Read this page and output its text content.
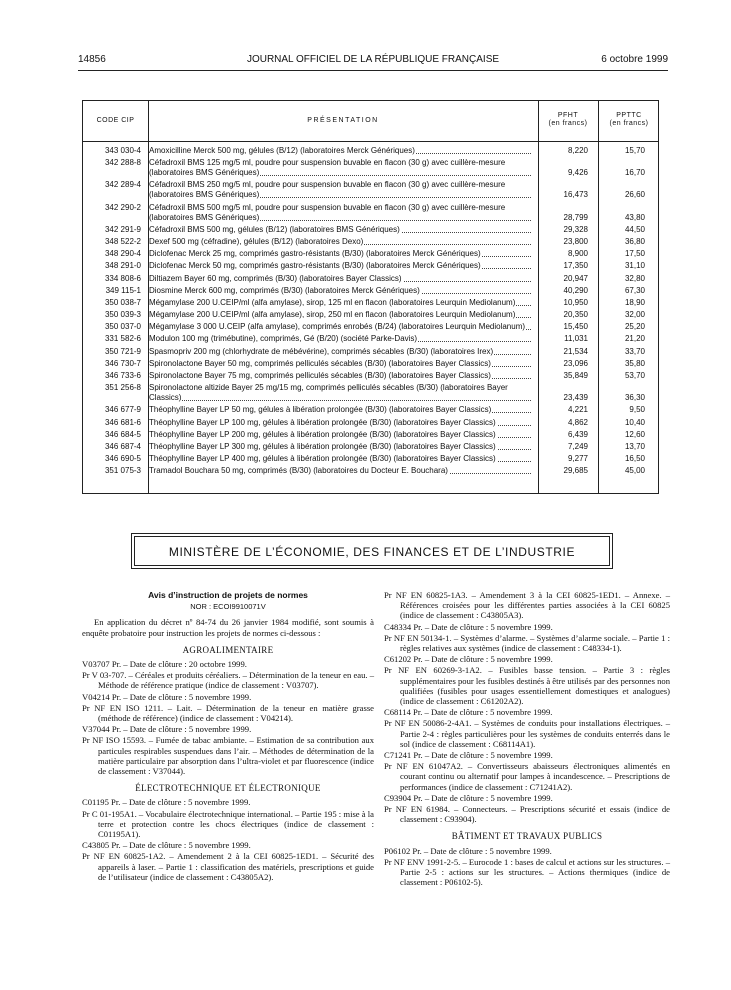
14856	JOURNAL OFFICIEL DE LA RÉPUBLIQUE FRANÇAISE	6 octobre 1999
CODE CIP	PRÉSENTATION
PFHT
(en francs)
PPTTC
(en francs)
343 030-4 Amoxicilline Merck 500 mg, gélules (B/12) (laboratoires Merck Génériques)	8,220	15,70
342 288-8 Céfadroxil BMS 125 mg/5 ml, poudre pour suspension buvable en flacon (30 g) avec cuillère-mesure (laboratoires BMS Génériques)	9,426	16,70
342 289-4 Céfadroxil BMS 250 mg/5 ml, poudre pour suspension buvable en flacon (30 g) avec cuillère-mesure (laboratoires BMS Génériques)	16,473	26,60
342 290-2 Céfadroxil BMS 500 mg/5 ml, poudre pour suspension buvable en flacon (30 g) avec cuillère-mesure (laboratoires BMS Génériques)	28,799	43,80
342 291-9 Céfadroxil BMS 500 mg, gélules (B/12) (laboratoires BMS Génériques)	29,328	44,50
348 522-2 Dexef 500 mg (céfradine), gélules (B/12) (laboratoires Dexo)	23,800	36,80
348 290-4 Diclofenac Merck 25 mg, comprimés gastro-résistants (B/30) (laboratoires Merck Génériques)	8,900	17,50
348 291-0 Diclofenac Merck 50 mg, comprimés gastro-résistants (B/30) (laboratoires Merck Génériques)	17,350	31,10
334 808-6 Diltiazem Bayer 60 mg, comprimés (B/30) (laboratoires Bayer Classics)	20,947	32,80
349 115-1 Diosmine Merck 600 mg, comprimés (B/30) (laboratoires Merck Génériques)	40,290	67,30
350 038-7 Mégamylase 200 U.CEIP/ml (alfa amylase), sirop, 125 ml en flacon (laboratoires Leurquin Mediolanum)	10,950	18,90
350 039-3 Mégamylase 200 U.CEIP/ml (alfa amylase), sirop, 250 ml en flacon (laboratoires Leurquin Mediolanum)	20,350	32,00
350 037-0 Mégamylase 3 000 U.CEIP (alfa amylase), comprimés enrobés (B/24) (laboratoires Leurquin Mediolanum)	15,450	25,20
331 582-6 Modulon 100 mg (trimébutine), comprimés, Gé (B/20) (société Parke-Davis)	11,031	21,20
350 721-9 Spasmopriv 200 mg (chlorhydrate de mébévérine), comprimés sécables (B/30) (laboratoires Irex)	21,534	33,70
346 730-7 Spironolactone Bayer 50 mg, comprimés pelliculés sécables (B/30) (laboratoires Bayer Classics)	23,096	35,80
346 733-6 Spironolactone Bayer 75 mg, comprimés pelliculés sécables (B/30) (laboratoires Bayer Classics)	35,849	53,70
351 256-8 Spironolactone altizide Bayer 25 mg/15 mg, comprimés pelliculés sécables (B/30) (laboratoires Bayer Classics)	23,439	36,30
346 677-9 Théophylline Bayer LP 50 mg, gélules à libération prolongée (B/30) (laboratoires Bayer Classics)	4,221	9,50
346 681-6 Théophylline Bayer LP 100 mg, gélules à libération prolongée (B/30) (laboratoires Bayer Classics)	4,862	10,40
346 684-5 Théophylline Bayer LP 200 mg, gélules à libération prolongée (B/30) (laboratoires Bayer Classics)	6,439	12,60
346 687-4 Théophylline Bayer LP 300 mg, gélules à libération prolongée (B/30) (laboratoires Bayer Classics)	7,249	13,70
346 690-5 Théophylline Bayer LP 400 mg, gélules à libération prolongée (B/30) (laboratoires Bayer Classics)	9,277	16,50
351 075-3 Tramadol Bouchara 50 mg, comprimés (B/30) (laboratoires du Docteur E. Bouchara)	29,685	45,00
MINISTÈRE DE L’ÉCONOMIE, DES FINANCES ET DE L’INDUSTRIE
Avis d’instruction de projets de normes
NOR : ECOI9910071V
En application du décret nº 84-74 du 26 janvier 1984 modifié, sont soumis à enquête probatoire pour instruction les projets de normes ci-dessous :
AGROALIMENTAIRE
V03707 Pr. – Date de clôture : 20 octobre 1999.
Pr V 03-707. – Céréales et produits céréaliers. – Détermination de la teneur en eau. – Méthode de référence pratique (indice de classement : V03707).
V04214 Pr. – Date de clôture : 5 novembre 1999.
Pr NF EN ISO 1211. – Lait. – Détermination de la teneur en matière grasse (méthode de référence) (indice de classement : V04214).
V37044 Pr. – Date de clôture : 5 novembre 1999.
Pr NF ISO 15593. – Fumée de tabac ambiante. – Estimation de sa contribution aux particules respirables suspendues dans l’air. – Méthodes de détermination de la matière particulaire par absorption dans l’ultra-violet et par fluorescence (indice de classement : V37044).
ÉLECTROTECHNIQUE ET ÉLECTRONIQUE
C01195 Pr. – Date de clôture : 5 novembre 1999.
Pr C 01-195A1. – Vocabulaire électrotechnique international. – Partie 195 : mise à la terre et protection contre les chocs électriques (indice de classement : C01195A1).
C43805 Pr. – Date de clôture : 5 novembre 1999.
Pr NF EN 60825-1A2. – Amendement 2 à la CEI 60825-1ED1. – Sécurité des appareils à laser. – Partie 1 : classification des matériels, prescriptions et guide de l’utilisateur (indice de classement : C43805A2).
Pr NF EN 60825-1A3. – Amendement 3 à la CEI 60825-1ED1. – Annexe. – Références croisées pour les différentes parties associées à la CEI 60825 (indice de classement : C43805A3).
C48334 Pr. – Date de clôture : 5 novembre 1999.
Pr NF EN 50134-1. – Systèmes d’alarme. – Systèmes d’alarme sociale. – Partie 1 : règles relatives aux systèmes (indice de classement : C48334-1).
C61202 Pr. – Date de clôture : 5 novembre 1999.
Pr NF EN 60269-3-1A2. – Fusibles basse tension. – Partie 3 : règles supplémentaires pour les fusibles destinés à être utilisés par des personnes non qualifiées (fusibles pour usages essentiellement domestiques et analogues) (indice de classement : C61202A2).
C68114 Pr. – Date de clôture : 5 novembre 1999.
Pr NF EN 50086-2-4A1. – Systèmes de conduits pour installations électriques. – Partie 2-4 : règles particulières pour les systèmes de conduits enterrés dans le sol (indice de classement : C68114A1).
C71241 Pr. – Date de clôture : 5 novembre 1999.
Pr NF EN 61047A2. – Convertisseurs abaisseurs électroniques alimentés en courant continu ou alternatif pour lampes à incandescence. – Prescriptions de performances (indice de classement : C71241A2).
C93904 Pr. – Date de clôture : 5 novembre 1999.
Pr NF EN 61984. – Connecteurs. – Prescriptions sécurité et essais (indice de classement : C93904).
BÂTIMENT ET TRAVAUX PUBLICS
P06102 Pr. – Date de clôture : 5 novembre 1999.
Pr NF ENV 1991-2-5. – Eurocode 1 : bases de calcul et actions sur les structures. – Partie 2-5 : actions sur les structures. – Actions thermiques (indice de classement : P06102-5).
